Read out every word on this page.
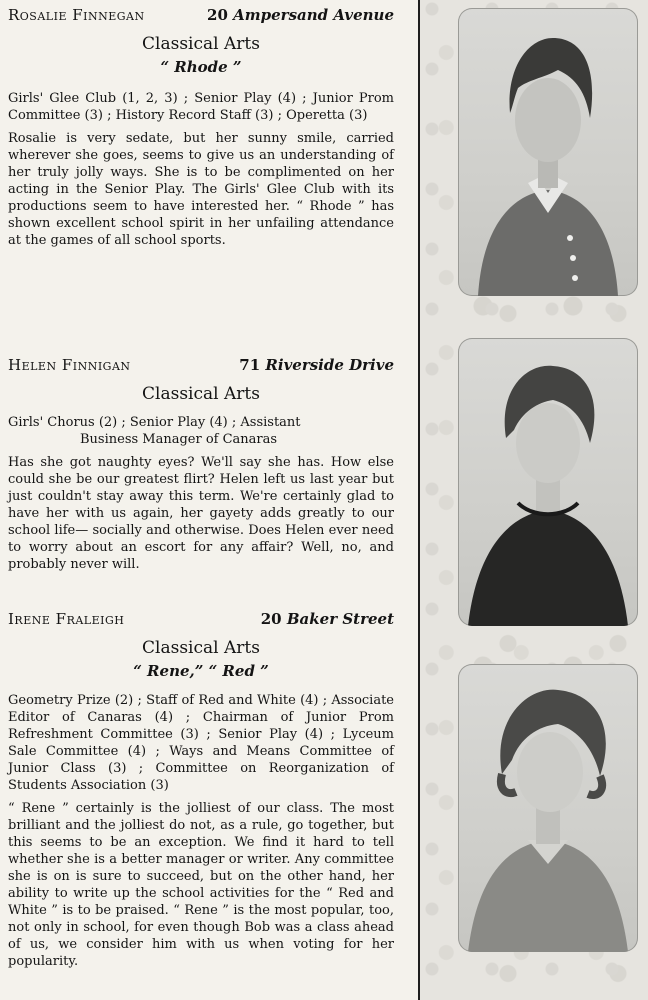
Rosalie Finnegan	20 Ampersand Avenue
Classical Arts
“ Rhode ”
Girls' Glee Club (1, 2, 3) ; Senior Play (4) ; Junior Prom Committee (3) ; History Record Staff (3) ; Operetta (3)
Rosalie is very sedate, but her sunny smile, carried wherever she goes, seems to give us an understanding of her truly jolly ways. She is to be complimented on her acting in the Senior Play. The Girls' Glee Club with its productions seem to have interested her. “ Rhode ” has shown excellent school spirit in her unfailing attendance at the games of all school sports.
Helen Finnigan	71 Riverside Drive
Classical Arts
Girls' Chorus (2) ; Senior Play (4) ; Assistant
Business Manager of Canaras
Has she got naughty eyes? We'll say she has. How else could she be our greatest flirt? Helen left us last year but just couldn't stay away this term. We're certainly glad to have her with us again, her gayety adds greatly to our school life— socially and otherwise. Does Helen ever need to worry about an escort for any affair? Well, no, and probably never will.
Irene Fraleigh	20 Baker Street
Classical Arts
“ Rene,” “ Red ”
Geometry Prize (2) ; Staff of Red and White (4) ; Associate Editor of Canaras (4) ; Chairman of Junior Prom Refreshment Committee (3) ; Senior Play (4) ; Lyceum Sale Committee (4) ; Ways and Means Committee of Junior Class (3) ; Committee on Reorganization of Students Association (3)
“ Rene ” certainly is the jolliest of our class. The most brilliant and the jolliest do not, as a rule, go together, but this seems to be an exception. We find it hard to tell whether she is a better manager or writer. Any committee she is on is sure to succeed, but on the other hand, her ability to write up the school activities for the “ Red and White ” is to be praised. “ Rene ” is the most popular, too, not only in school, for even though Bob was a class ahead of us, we consider him with us when voting for her popularity.
